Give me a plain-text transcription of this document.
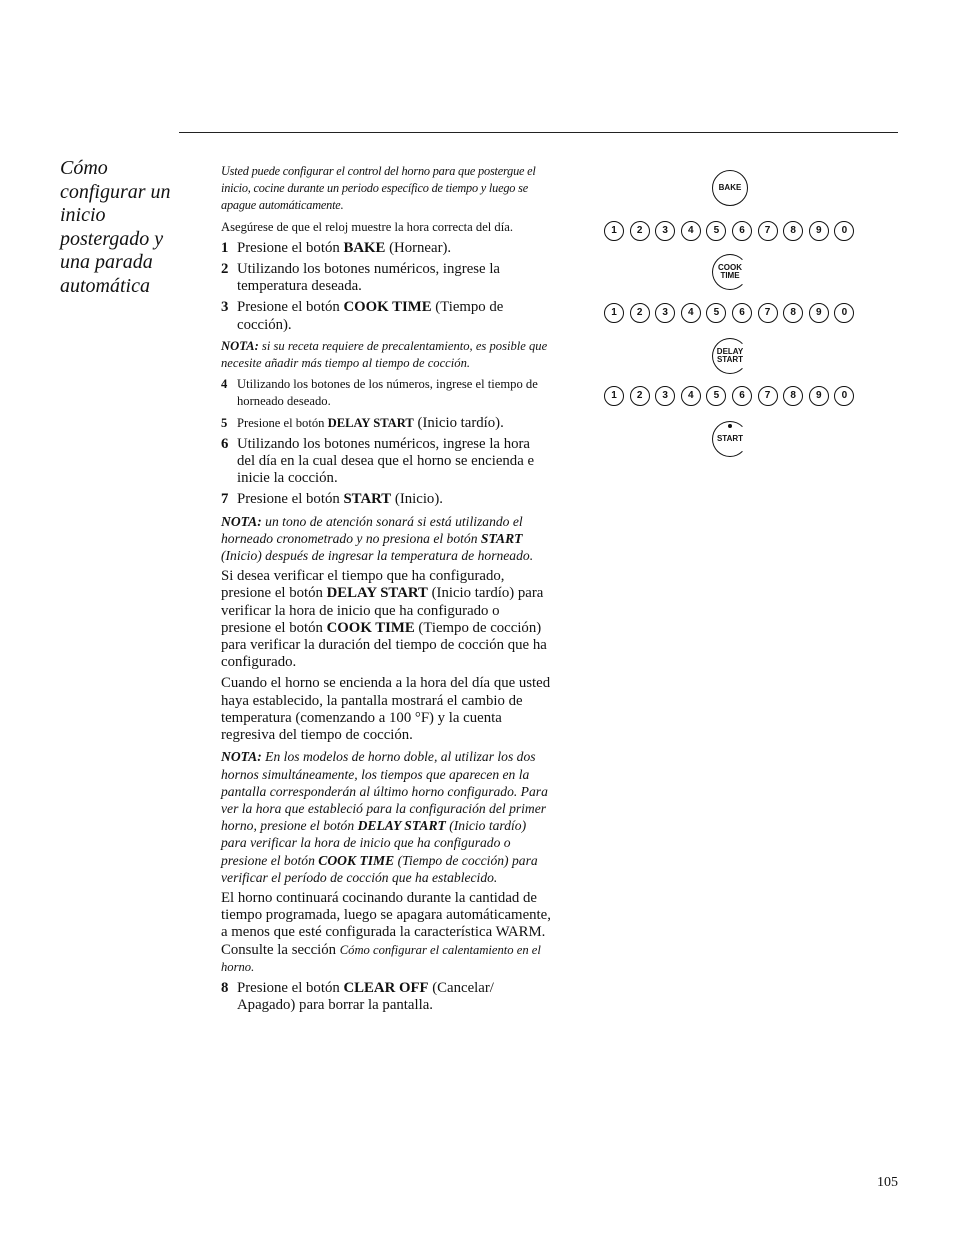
Cómo configurar un inicio postergado y una parada automática

Usted puede configurar el control del horno para que postergue el inicio, cocine durante un periodo específico de tiempo y luego se apague automáticamente.

Asegúrese de que el reloj muestre la hora correcta del día.

1 Presione el botón BAKE (Hornear).
2 Utilizando los botones numéricos, ingrese la temperatura deseada.
3 Presione el botón COOK TIME (Tiempo de cocción).

NOTA: si su receta requiere de precalentamiento, es posible que necesite añadir más tiempo al tiempo de cocción.

4 Utilizando los botones de los números, ingrese el tiempo de horneado deseado.
5 Presione el botón DELAY START (Inicio tardío).
6 Utilizando los botones numéricos, ingrese la hora del día en la cual desea que el horno se encienda e inicie la cocción.
7 Presione el botón START (Inicio).

NOTA: un tono de atención sonará si está utilizando el horneado cronometrado y no presiona el botón START (Inicio) después de ingresar la temperatura de horneado.

Si desea verificar el tiempo que ha configurado, presione el botón DELAY START (Inicio tardío) para verificar la hora de inicio que ha configurado o presione el botón COOK TIME (Tiempo de cocción) para verificar la duración del tiempo de cocción que ha configurado.

Cuando el horno se encienda a la hora del día que usted haya establecido, la pantalla mostrará el cambio de temperatura (comenzando a 100 °F) y la cuenta regresiva del tiempo de cocción.

NOTA: En los modelos de horno doble, al utilizar los dos hornos simultáneamente, los tiempos que aparecen en la pantalla corresponderán al último horno configurado. Para ver la hora que estableció para la configuración del primer horno, presione el botón DELAY START (Inicio tardío) para verificar la hora de inicio que ha configurado o presione el botón COOK TIME (Tiempo de cocción) para verificar el período de cocción que ha establecido.

El horno continuará cocinando durante la cantidad de tiempo programada, luego se apagara automáticamente, a menos que esté configurada la característica WARM. Consulte la sección Cómo configurar el calentamiento en el horno.

8 Presione el botón CLEAR OFF (Cancelar/ Apagado) para borrar la pantalla.
BAKE
1	2	3	4	5	6	7	8	9	0
COOK
TIME
1	2	3	4	5	6	7	8	9	0
DELAY
START
1	2	3	4	5	6	7	8	9	0
START
105
